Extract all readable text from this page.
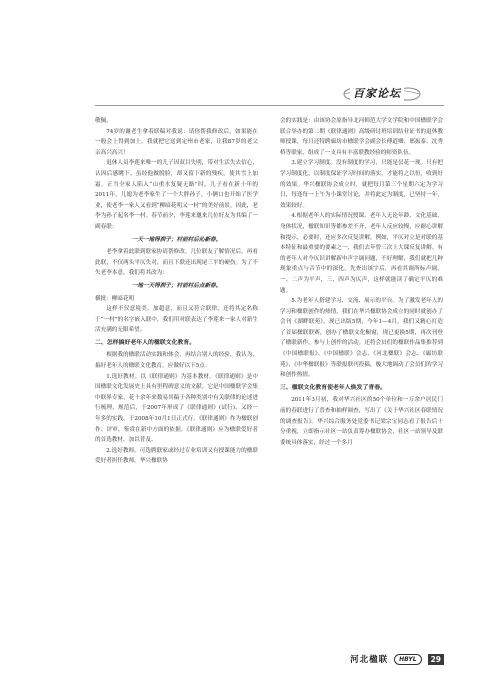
百家论坛

敬佩。

74岁的谢老生拿着联稿对我说：请你帮我修改后，如果能在一般会上得到加上，我就把它送到定州市老家，让我87岁的老父亲高兴高兴！

退休人员李莲来唯一的儿子因双目失明，带对生活失去信心，认因后感眺下。虽经他做脱脸，却又留下新的残疾。使其雪上加霜。正当全家人陷入“山重水复疑无路”时，儿子看在新十年的2011年，儿媳为老李家生了一个大胖孙子，小俩口也开始了医学业，使老李一家人又看到“柳暗花明又一村”的美好前景。因此，老李为孙子起名李一村。春节前夕，李莲来邀来几位好友为其编了一副春联：

一天一地得润子；村前村后沁新春。

老李拿着此联到联家协请帮修改。几位联友了解情况后，再看此联，不仅两头平仄失对，而且下联还出现尾三平的硬伤。为了不失老李本意，我们将其改为：

一地一天得润子；村前村后点新春。

横批：柳暗花明

这样不仅意境美、加超意，而且又符合联律，还将其定名称于“一村”的名字嵌入联中，我们用对联表达了李莲来一家人对新生活充满的无限希望。

二、怎样搞好老年人的楹联文化教育。

根据我的楹联活动实践和体会，再结合别人的经验，我认为，搞好老年人的楹联文化教育，应做好以下5点：

1.选好教材。以《联律通则》为基本教材。《联律通则》是中国楹联文化发展史上具有里程碑意义的文献。它是中国楹联学会集中联界专家，花十余年来数易其稿于各种类别中有关联律的论述进行梳理，规范后，于2007年形成了《联律通则》(试行)，又经一年多的实践，于2008年10月1日正式行。《联律通则》作为楹联创作、评审、鉴赏在新中方面的依据。《联律通则》应为楹联爱好者的首选教材，加以普及。

2.选好教师。可选聘联家或经过专业培训又有授课能力的楹联爱好者担任教师。华兴楹联协

会的实践是：由该协会原指导北河师范大学文学院和中国楹联学会联合举办的第二期《联律通则》高级研讨班培训结业证书的退休教师授课，每月还特聘廊坊市楹联学会副会长傅道卿、邢振泰、沈秀桥等联家，组成了一支具有丰富联教经验的师资队伍。

3.建立学习制度。没有制度的学习，只能是昙花一现。只有把学习制度化，以制度保证学习时间的落实，才能将之以恒，收到好的效果。华兴楹联协会成立时，就把每月第三个星期六定为学习日，每逢每一上午为小课堂讨论，并将此定为制度，已坚持一年，效果较好。

4.根据老年人的实际情况授课。老年人无论年龄、文化基础、身体状况，楹联知识等都参差不齐，老年人反应较慢，应耐心讲解和提示，必要时，还应多次反复讲解。例如，平仄对立是对联的基本特征和最重要的要素之一，我们去年曾三次上大课反复讲解。有的老年人对今仄识讲解新申声字调问题，不好理解，我们就把几种现象重点与音节中的深化，先查出该字后，再看其调所标声调，一、二声为平声，三、四声为仄声，这样就能读了确定平仄的难题。

5.为老年人搭建学习、交流、展示的平台。为了激发老年人的学习和楹联创作的热情，我们在华兴楹联协会成立的同时就创办了会刊《湖畔联苑》，现已出版5期，今年1—4月，我们又精心打造了首届楹联联赛，创办了楹联文化橱窗，现已更换5期，再次刊登了楹联新作，参与上创作的活动。还将会员们的楹联作品集推荐到《中国楹联报》、《中国楹联》会志、《河北楹联》会志、《廊坊联苑》、《中华楹联报》等联报联刊投稿，极大地调动了会员们的学习和创作热情。

三、楹联文化教育使老年人焕发了青春。

2011年3月初，我对华兴社区的50个单位和一万余户居民门前的春联进行了普查和抽样调查，写出了《关于华兴社区春联情况的调查报告》。华兴综合服务处党委书记梁宗宝同志看了报告后十分重视，立即指示社区一站负责筹办楹联协会，社区一站领导及联委统具体落实，经过一个多月

河北楹联	HBYL	29
